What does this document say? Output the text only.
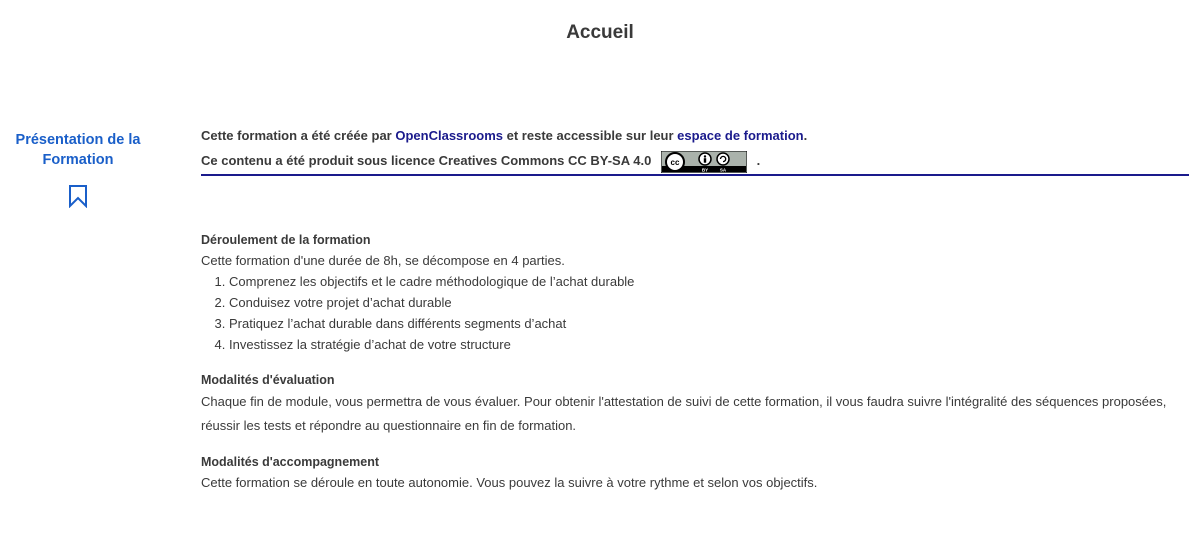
Accueil
Présentation de la Formation

Cette formation a été créée par OpenClassrooms et reste accessible sur leur espace de formation.

Ce contenu a été produit sous licence Creatives Commons CC BY-SA 4.0 cc
BY	SA
.

Déroulement de la formation

Cette formation d'une durée de 8h, se décompose en 4 parties.

1. Comprenez les objectifs et le cadre méthodologique de l’achat durable
2. Conduisez votre projet d’achat durable
3. Pratiquez l’achat durable dans différents segments d’achat
4. Investissez la stratégie d’achat de votre structure
Modalités d'évaluation

Chaque fin de module, vous permettra de vous évaluer. Pour obtenir l'attestation de suivi de cette formation, il vous faudra suivre l'intégralité des séquences proposées, réussir les tests et répondre au questionnaire en fin de formation.

Modalités d'accompagnement

Cette formation se déroule en toute autonomie. Vous pouvez la suivre à votre rythme et selon vos objectifs.
